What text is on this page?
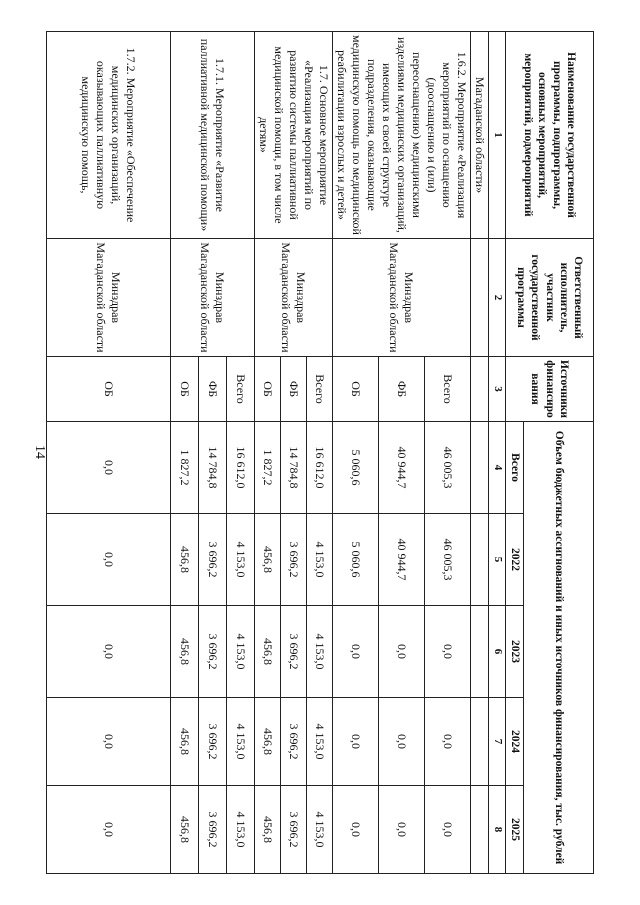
14
Наименование государственной программы, подпрограммы, основных мероприятий, мероприятий, подмероприятий	Ответственный исполнитель, участник государственной программы	Источники финансиро вания	Объем бюджетных ассигнований и иных источников финансирования, тыс. рублей				
			Всего	2022	2023	2024	2025
1	2	3	4	5	6	7	8
Магаданской области»							
1.6.2. Мероприятие «Реализация мероприятий по оснащению (дооснащению и (или) переоснащению) медицинскими изделиями медицинских организаций, имеющих в своей структуре подразделения, оказывающие медицинскую помощь по медицинской реабилитации взрослых и детей»	Минздрав Магаданской области	Всего	46 005,3	46 005,3	0,0	0,0	0,0
		ФБ	40 944,7	40 944,7	0,0	0,0	0,0
		ОБ	5 060,6	5 060,6	0,0	0,0	0,0
1.7. Основное мероприятие «Реализация мероприятий по развитию системы паллиативной медицинской помощи, в том числе детям»	Минздрав Магаданской области	Всего	16 612,0	4 153,0	4 153,0	4 153,0	4 153,0
		ФБ	14 784,8	3 696,2	3 696,2	3 696,2	3 696,2
		ОБ	1 827,2	456,8	456,8	456,8	456,8
1.7.1. Мероприятие «Развитие паллиативной медицинской помощи»	Минздрав Магаданской области	Всего	16 612,0	4 153,0	4 153,0	4 153,0	4 153,0
		ФБ	14 784,8	3 696,2	3 696,2	3 696,2	3 696,2
		ОБ	1 827,2	456,8	456,8	456,8	456,8
1.7.2. Мероприятие «Обеспечение медицинских организаций, оказывающих паллиативную медицинскую помощь,	Минздрав Магаданской области	ОБ	0,0	0,0	0,0	0,0	0,0
